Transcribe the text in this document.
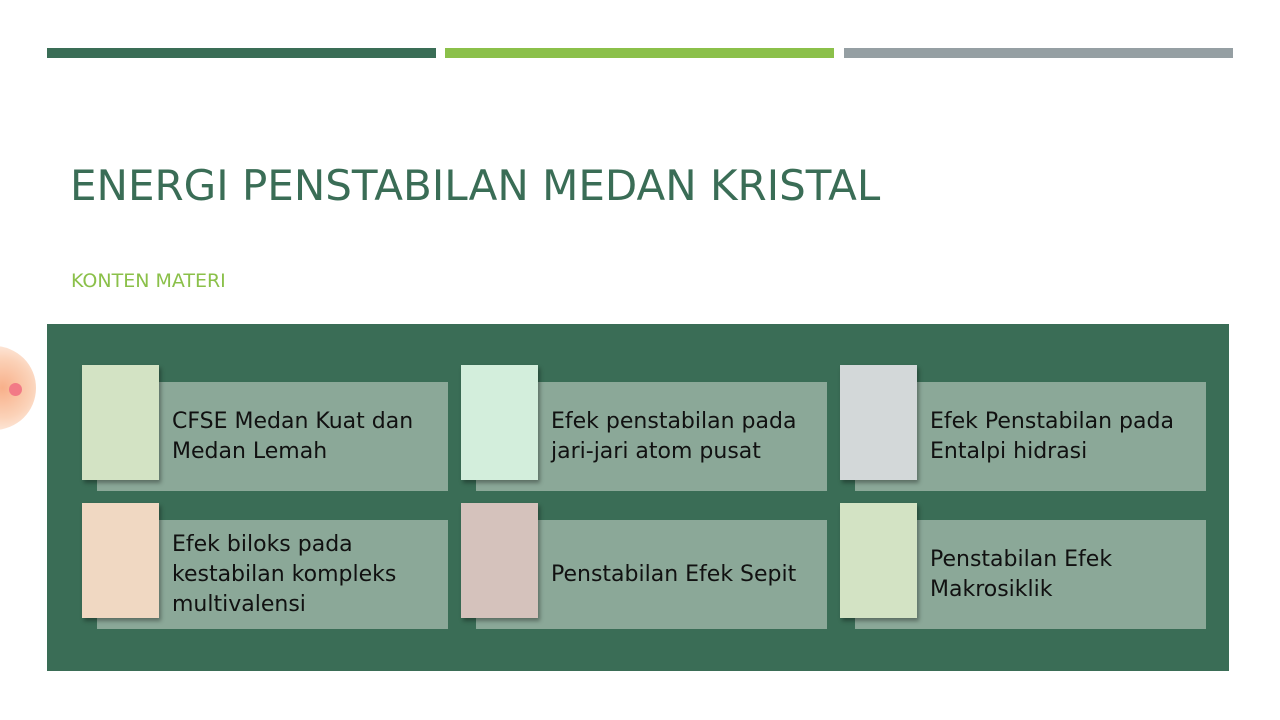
ENERGI PENSTABILAN MEDAN KRISTAL
KONTEN MATERI
CFSE Medan Kuat dan Medan Lemah
Efek penstabilan pada jari-jari atom pusat
Efek Penstabilan pada Entalpi hidrasi
Efek biloks pada kestabilan kompleks multivalensi
Penstabilan Efek Sepit
Penstabilan Efek Makrosiklik
